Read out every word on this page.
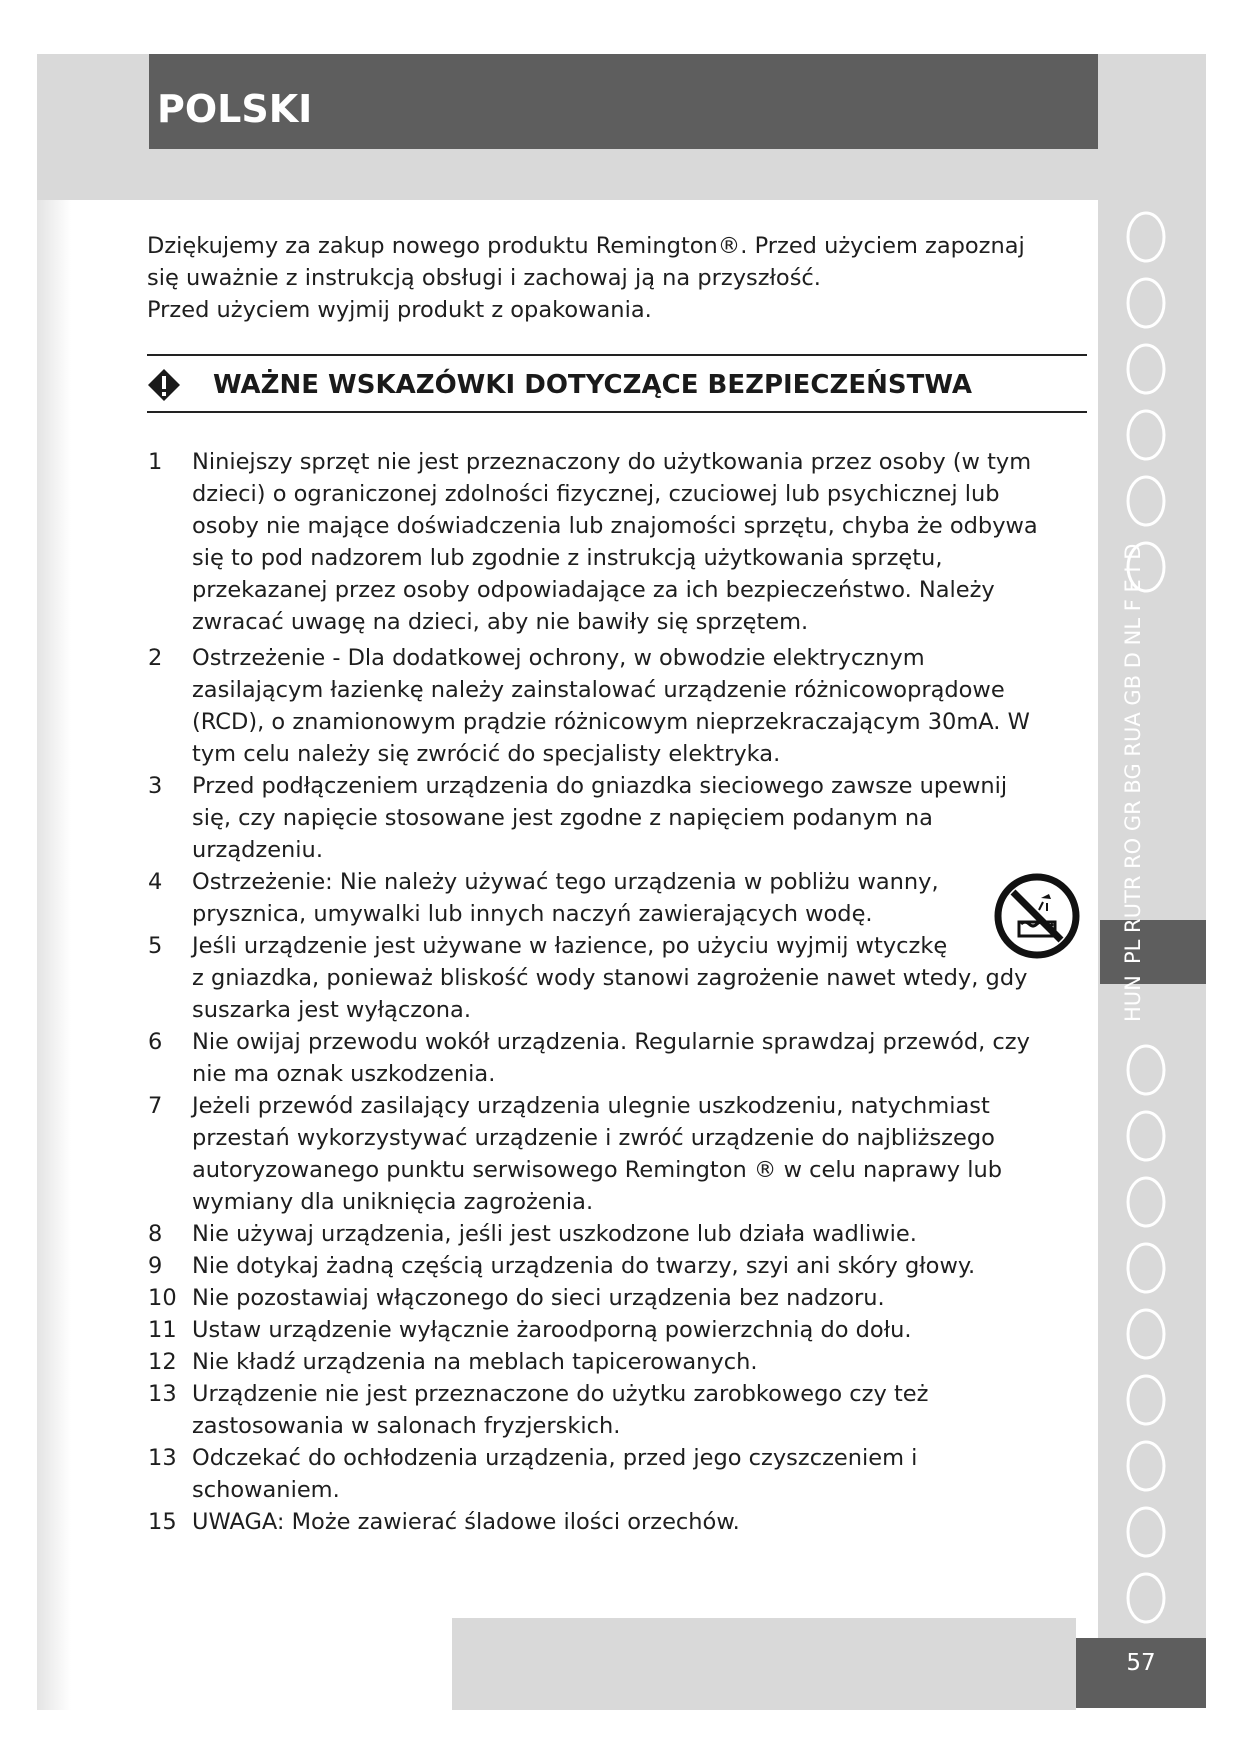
POLSKI
HUN
PL RUTR RO GR BG RUA GB D NL F E I D

Dziękujemy za zakup nowego produktu Remington®. Przed użyciem zapoznaj

się uważnie z instrukcją obsługi i zachowaj ją na przyszłość.

Przed użyciem wyjmij produkt z opakowania.

WAŻNE WSKAZÓWKI DOTYCZĄCE BEZPIECZEŃSTWA
1	Niniejszy sprzęt nie jest przeznaczony do użytkowania przez osoby (w tym
dzieci) o ograniczonej zdolności fizycznej, czuciowej lub psychicznej lub
osoby nie mające doświadczenia lub znajomości sprzętu, chyba że odbywa
się to pod nadzorem lub zgodnie z instrukcją użytkowania sprzętu,
przekazanej przez osoby odpowiadające za ich bezpieczeństwo. Należy
zwracać uwagę na dzieci, aby nie bawiły się sprzętem.
2	Ostrzeżenie - Dla dodatkowej ochrony, w obwodzie elektrycznym
zasilającym łazienkę należy zainstalować urządzenie różnicowoprądowe
(RCD), o znamionowym prądzie różnicowym nieprzekraczającym 30mA. W
tym celu należy się zwrócić do specjalisty elektryka.
3	Przed podłączeniem urządzenia do gniazdka sieciowego zawsze upewnij
się, czy napięcie stosowane jest zgodne z napięciem podanym na
urządzeniu.
4	Ostrzeżenie: Nie należy używać tego urządzenia w pobliżu wanny,
prysznica, umywalki lub innych naczyń zawierających wodę.
5	Jeśli urządzenie jest używane w łazience, po użyciu wyjmij wtyczkę
z gniazdka, ponieważ bliskość wody stanowi zagrożenie nawet wtedy, gdy
suszarka jest wyłączona.
6	Nie owijaj przewodu wokół urządzenia. Regularnie sprawdzaj przewód, czy
nie ma oznak uszkodzenia.
7	Jeżeli przewód zasilający urządzenia ulegnie uszkodzeniu, natychmiast
przestań wykorzystywać urządzenie i zwróć urządzenie do najbliższego
autoryzowanego punktu serwisowego Remington ® w celu naprawy lub
wymiany dla uniknięcia zagrożenia.
8	Nie używaj urządzenia, jeśli jest uszkodzone lub działa wadliwie.
9	Nie dotykaj żadną częścią urządzenia do twarzy, szyi ani skóry głowy.
10 Nie pozostawiaj włączonego do sieci urządzenia bez nadzoru.
11 Ustaw urządzenie wyłącznie żaroodporną powierzchnią do dołu.
12 Nie kładź urządzenia na meblach tapicerowanych.
13 Urządzenie nie jest przeznaczone do użytku zarobkowego czy też
zastosowania w salonach fryzjerskich.
13 Odczekać do ochłodzenia urządzenia, przed jego czyszczeniem i
schowaniem.
15 UWAGA: Może zawierać śladowe ilości orzechów.
57
